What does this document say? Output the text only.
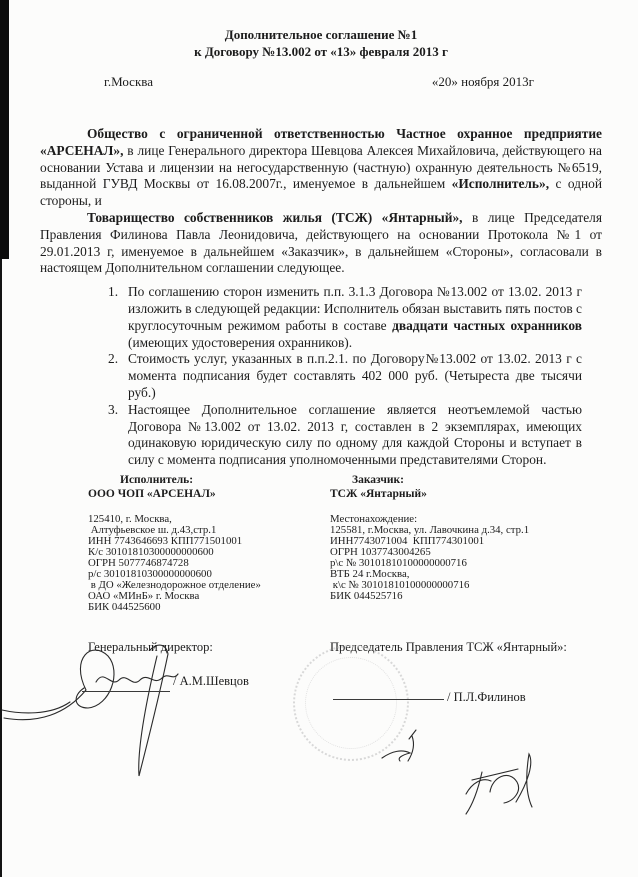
Дополнительное соглашение №1
к Договору №13.002 от «13» февраля 2013 г
г.Москва	«20» ноября 2013г

Общество с ограниченной ответственностью Частное охранное предприятие «АРСЕНАЛ», в лице Генерального директора Шевцова Алексея Михайловича, действующего на основании Устава и лицензии на негосударственную (частную) охранную деятельность №6519, выданной ГУВД Москвы от 16.08.2007г., именуемое в дальнейшем «Исполнитель», с одной стороны, и

Товарищество собственников жилья (ТСЖ) «Янтарный», в лице Председателя Правления Филинова Павла Леонидовича, действующего на основании Протокола №1 от 29.01.2013 г, именуемое в дальнейшем «Заказчик», в дальнейшем «Стороны», согласовали в настоящем Дополнительном соглашении следующее.

1. По соглашению сторон изменить п.п. 3.1.3 Договора №13.002 от 13.02. 2013 г изложить в следующей редакции: Исполнитель обязан выставить пять постов с круглосуточным режимом работы в составе двадцати частных охранников (имеющих удостоверения охранников).
2. Стоимость услуг, указанных в п.п.2.1. по Договору№13.002 от 13.02. 2013 г с момента подписания будет составлять 402 000 руб. (Четыреста две тысячи руб.)
3. Настоящее Дополнительное соглашение является неотъемлемой частью Договора №13.002 от 13.02. 2013 г, составлен в 2 экземплярах, имеющих одинаковую юридическую силу по одному для каждой Стороны и вступает в силу с момента подписания уполномоченными представителями Сторон.
Исполнитель:
ООО ЧОП «АРСЕНАЛ»
125410, г. Москва,
Алтуфьевское ш. д.43,стр.1
ИНН 7743646693 КПП771501001
К/с 30101810300000000600
ОГРН 5077746874728
р/с 30101810300000000600
в ДО «Железнодорожное отделение»
ОАО «МИнБ» г. Москва
БИК 044525600
Заказчик:
ТСЖ «Янтарный»
Местонахождение:
125581, г.Москва, ул. Лавочкина д.34, стр.1
ИНН7743071004  КПП774301001
ОГРН 1037743004265
р\с № 30101810100000000716
ВТБ 24 г.Москва,
к\с № 30101810100000000716
БИК 044525716
Генеральный директор:	Председатель Правления ТСЖ «Янтарный»:
/ А.М.Шевцов
/ П.Л.Филинов
